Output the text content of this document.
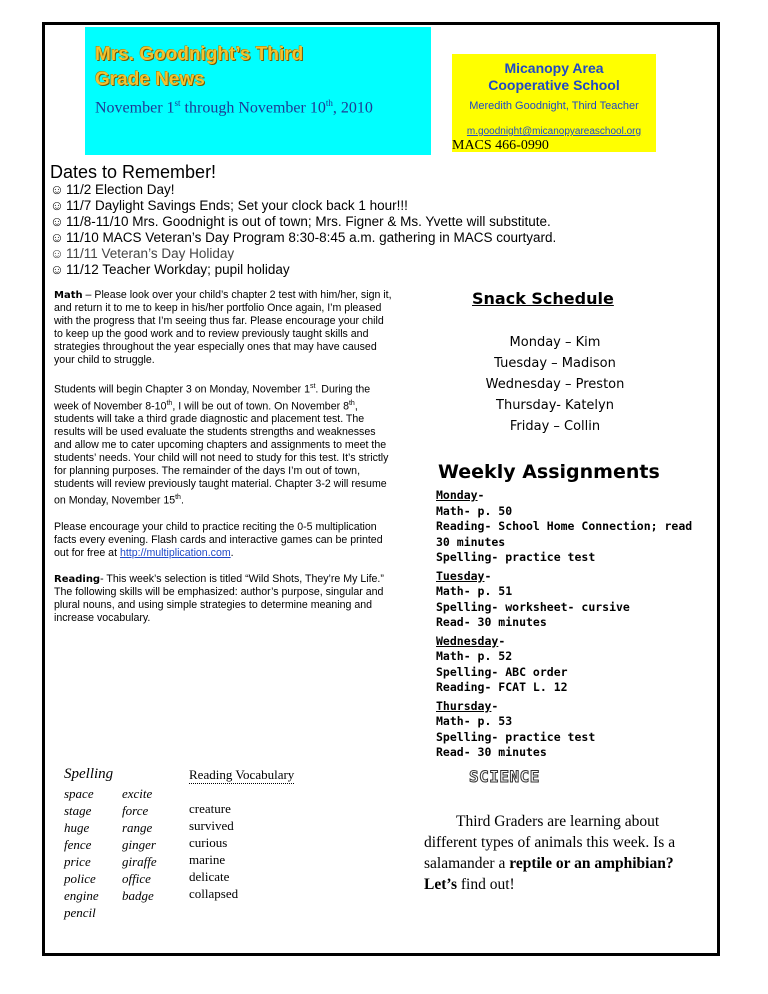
Mrs. Goodnight’s Third
Grade News
November 1st through November 10th, 2010
Micanopy Area
Cooperative School
Meredith Goodnight, Third Teacher
m.goodnight@micanopyareaschool.org
MACS 466-0990
Dates to Remember!
☺ 11/2 Election Day!
☺ 11/7 Daylight Savings Ends; Set your clock back 1 hour!!!
☺ 11/8-11/10 Mrs. Goodnight is out of town; Mrs. Figner & Ms. Yvette will substitute.
☺ 11/10 MACS Veteran’s Day Program 8:30-8:45 a.m. gathering in MACS courtyard.
☺ 11/11 Veteran’s Day Holiday
☺ 11/12 Teacher Workday; pupil holiday

Math – Please look over your child’s chapter 2 test with him/her, sign it, and return it to me to keep in his/her portfolio Once again, I’m pleased with the progress that I’m seeing thus far. Please encourage your child to keep up the good work and to review previously taught skills and strategies throughout the year especially ones that may have caused your child to struggle.

Students will begin Chapter 3 on Monday, November 1st. During the week of November 8-10th, I will be out of town. On November 8th, students will take a third grade diagnostic and placement test. The results will be used evaluate the students strengths and weaknesses and allow me to cater upcoming chapters and assignments to meet the students’ needs. Your child will not need to study for this test. It’s strictly for planning purposes. The remainder of the days I’m out of town, students will review previously taught material. Chapter 3-2 will resume on Monday, November 15th.

Please encourage your child to practice reciting the 0-5 multiplication facts every evening. Flash cards and interactive games can be printed out for free at http://multiplication.com.

Reading- This week’s selection is titled “Wild Shots, They’re My Life.” The following skills will be emphasized: author’s purpose, singular and plural nouns, and using simple strategies to determine meaning and increase vocabulary.

Spelling
space	excite
stage	force
huge	range
fence	ginger
price	giraffe
police	office
engine	badge
pencil
Reading Vocabulary
creature
survived
curious
marine
delicate
collapsed
Snack Schedule
Monday – Kim
Tuesday – Madison
Wednesday – Preston
Thursday- Katelyn
Friday – Collin
Weekly Assignments
Monday-
Math- p. 50
Reading- School Home Connection; read 30 minutes
Spelling- practice test
Tuesday-
Math- p. 51
Spelling- worksheet- cursive
Read- 30 minutes
Wednesday-
Math- p. 52
Spelling- ABC order
Reading- FCAT L. 12
Thursday-
Math- p. 53
Spelling- practice test
Read- 30 minutes
SCIENCE
Third Graders are learning about different types of animals this week. Is a salamander a reptile or an amphibian? Let’s find out!
